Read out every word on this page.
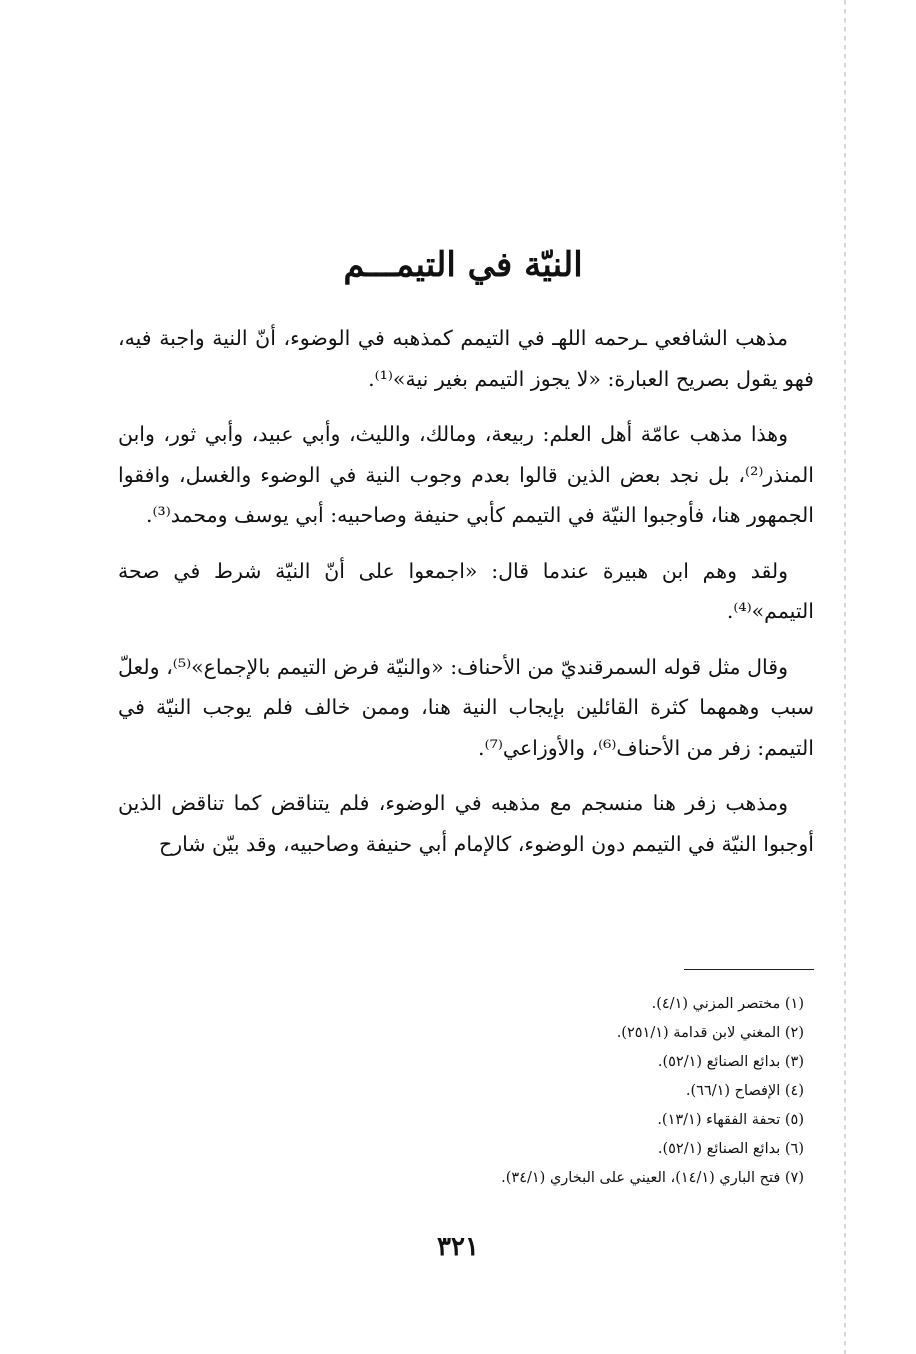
النيّة في التيمـــم

مذهب الشافعي ـرحمه اللهـ في التيمم كمذهبه في الوضوء، أنّ النية واجبة فيه، فهو يقول بصريح العبارة: «لا يجوز التيمم بغير نية»⁽¹⁾.

وهذا مذهب عامّة أهل العلم: ربيعة، ومالك، والليث، وأبي عبيد، وأبي ثور، وابن المنذر⁽²⁾، بل نجد بعض الذين قالوا بعدم وجوب النية في الوضوء والغسل، وافقوا الجمهور هنا، فأوجبوا النيّة في التيمم كأبي حنيفة وصاحبيه: أبي يوسف ومحمد⁽³⁾.

ولقد وهم ابن هبيرة عندما قال: «اجمعوا على أنّ النيّة شرط في صحة التيمم»⁽⁴⁾.

وقال مثل قوله السمرقنديّ من الأحناف: «والنيّة فرض التيمم بالإجماع»⁽⁵⁾، ولعلّ سبب وهمهما كثرة القائلين بإيجاب النية هنا، وممن خالف فلم يوجب النيّة في التيمم: زفر من الأحناف⁽⁶⁾، والأوزاعي⁽⁷⁾.

ومذهب زفر هنا منسجم مع مذهبه في الوضوء، فلم يتناقض كما تناقض الذين أوجبوا النيّة في التيمم دون الوضوء، كالإمام أبي حنيفة وصاحبيه، وقد بيّن شارح

(١) مختصر المزني (٤/١).
(٢) المغني لابن قدامة (٢٥١/١).
(٣) بدائع الصنائع (٥٢/١).
(٤) الإفصاح (٦٦/١).
(٥) تحفة الفقهاء (١٣/١).
(٦) بدائع الصنائع (٥٢/١).
(٧) فتح الباري (١٤/١)، العيني على البخاري (٣٤/١).
٣٢١
